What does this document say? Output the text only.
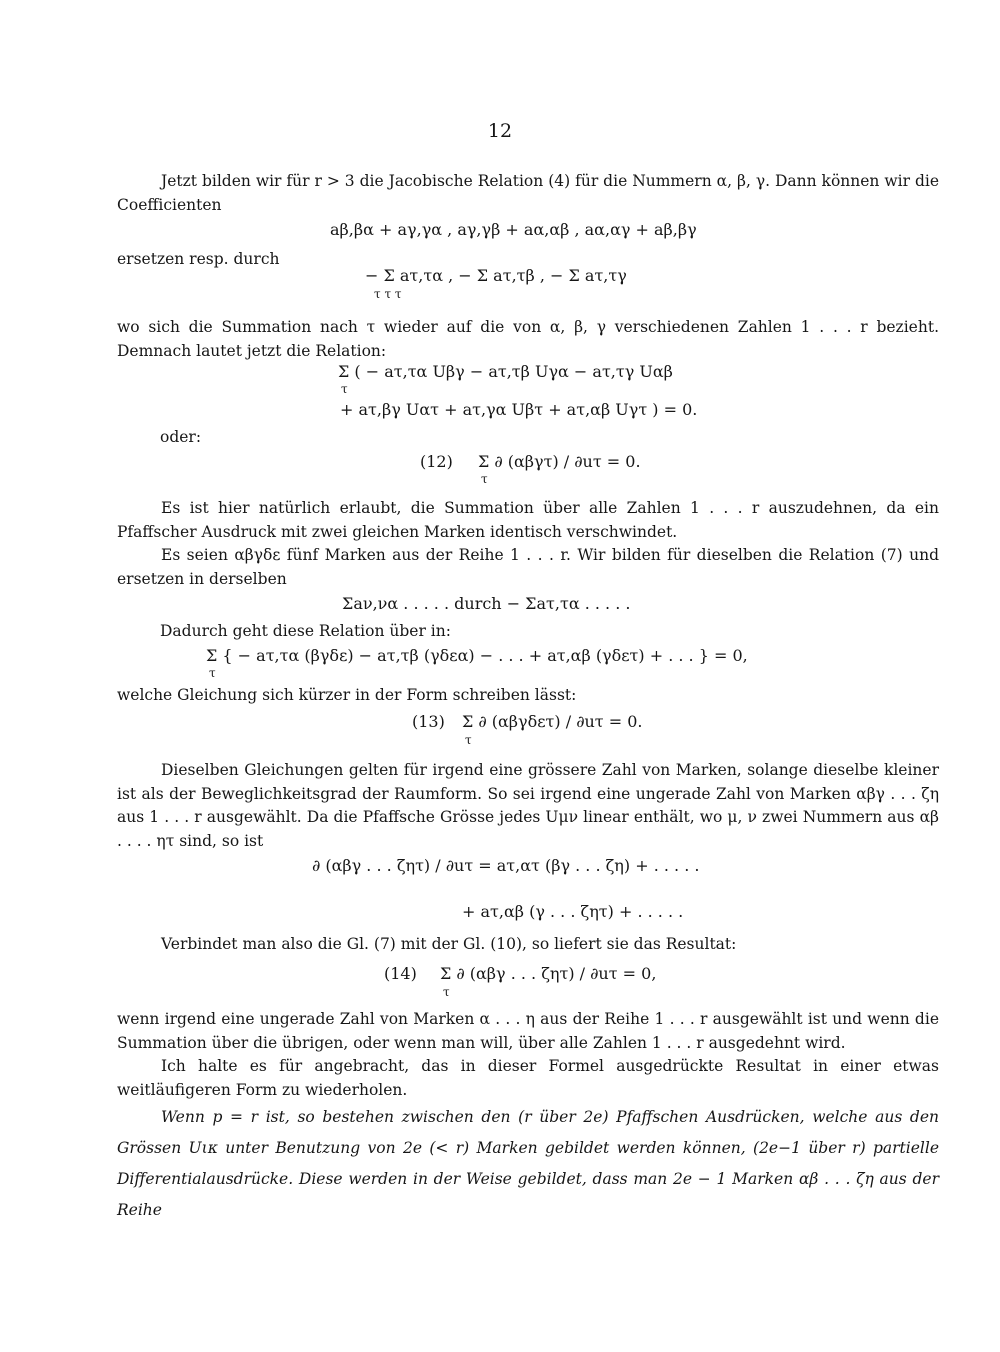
12

Jetzt bilden wir für r > 3 die Jacobische Relation (4) für die Nummern α, β, γ. Dann können wir die Coefficienten

aβ,βα + aγ,γα , aγ,γβ + aα,αβ , aα,αγ + aβ,βγ

ersetzen resp. durch

− Σ aτ,τα , − Σ aτ,τβ , − Σ aτ,τγ

τ τ τ

wo sich die Summation nach τ wieder auf die von α, β, γ verschiedenen Zahlen 1 . . . r bezieht. Demnach lautet jetzt die Relation:

Σ ( − aτ,τα Uβγ − aτ,τβ Uγα − aτ,τγ Uαβ

τ

+ aτ,βγ Uατ + aτ,γα Uβτ + aτ,αβ Uγτ ) = 0.

oder:

(12) Σ ∂ (αβγτ) / ∂uτ = 0.

τ

Es ist hier natürlich erlaubt, die Summation über alle Zahlen 1 . . . r auszudehnen, da ein Pfaffscher Ausdruck mit zwei gleichen Marken identisch verschwindet.

Es seien αβγδε fünf Marken aus der Reihe 1 . . . r. Wir bilden für dieselben die Relation (7) und ersetzen in derselben

Σaν,να . . . . . durch − Σaτ,τα . . . . .

Dadurch geht diese Relation über in:

Σ { − aτ,τα (βγδε) − aτ,τβ (γδεα) − . . . + aτ,αβ (γδετ) + . . . } = 0,

τ

welche Gleichung sich kürzer in der Form schreiben lässt:

(13) Σ ∂ (αβγδετ) / ∂uτ = 0.

τ

Dieselben Gleichungen gelten für irgend eine grössere Zahl von Marken, solange dieselbe kleiner ist als der Beweglichkeitsgrad der Raumform. So sei irgend eine ungerade Zahl von Marken αβγ . . . ζη aus 1 . . . r ausgewählt. Da die Pfaffsche Grösse jedes Uμν linear enthält, wo μ, ν zwei Nummern aus αβ . . . . ητ sind, so ist

∂ (αβγ . . . ζητ) / ∂uτ = aτ,ατ (βγ . . . ζη) + . . . . .

+ aτ,αβ (γ . . . ζητ) + . . . . .

Verbindet man also die Gl. (7) mit der Gl. (10), so liefert sie das Resultat:

(14) Σ ∂ (αβγ . . . ζητ) / ∂uτ = 0,

τ

wenn irgend eine ungerade Zahl von Marken α . . . η aus der Reihe 1 . . . r ausgewählt ist und wenn die Summation über die übrigen, oder wenn man will, über alle Zahlen 1 . . . r ausgedehnt wird.

Ich halte es für angebracht, das in dieser Formel ausgedrückte Resultat in einer etwas weitläufigeren Form zu wiederholen.

Wenn p = r ist, so bestehen zwischen den (r über 2e) Pfaffschen Ausdrücken, welche aus den Grössen Uικ unter Benutzung von 2e (< r) Marken gebildet werden können, (2e−1 über r) partielle Differentialausdrücke. Diese werden in der Weise gebildet, dass man 2e − 1 Marken αβ . . . ζη aus der Reihe
